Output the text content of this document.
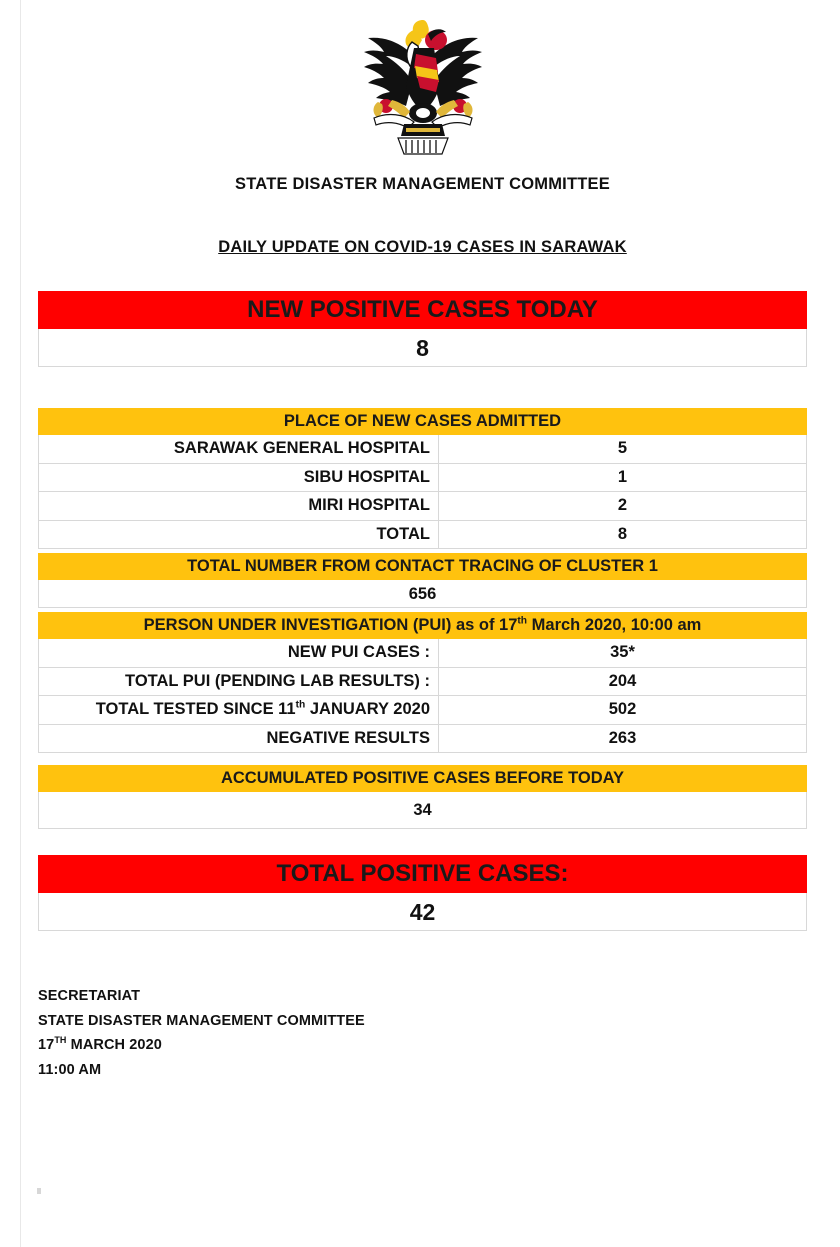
STATE DISASTER MANAGEMENT COMMITTEE
DAILY UPDATE ON COVID-19 CASES IN SARAWAK
NEW POSITIVE CASES TODAY
8
PLACE OF NEW CASES ADMITTED
SARAWAK GENERAL HOSPITAL	5
SIBU HOSPITAL	1
MIRI HOSPITAL	2
TOTAL	8
TOTAL NUMBER FROM CONTACT TRACING OF CLUSTER 1
656
PERSON UNDER INVESTIGATION (PUI) as of 17th March 2020, 10:00 am
NEW PUI CASES :	35*
TOTAL PUI (PENDING LAB RESULTS) :	204
TOTAL TESTED SINCE 11th JANUARY 2020	502
NEGATIVE RESULTS	263
ACCUMULATED POSITIVE CASES BEFORE TODAY
34
TOTAL POSITIVE CASES:
42
SECRETARIAT
STATE DISASTER MANAGEMENT COMMITTEE
17TH MARCH 2020
11:00 AM
